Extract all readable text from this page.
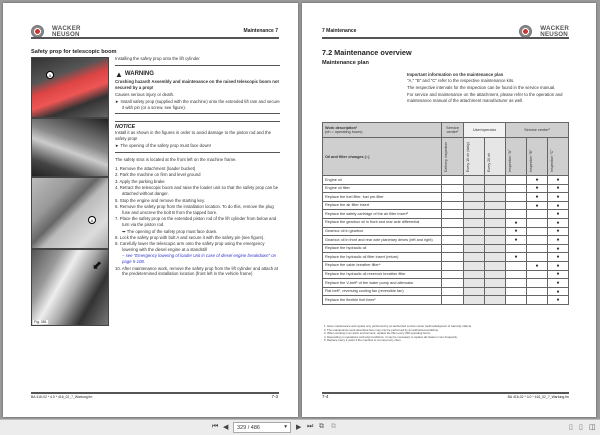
WACKER
NEUSON	Maintenance 7
Safety prop for telescopic boom
A
A
⬋
Fig. 381
Installing the safety prop onto the lift cylinder
▲ WARNING
Crushing hazard! Assembly and maintenance on the raised telescopic boom not secured by a prop!
Causes serious injury or death.
► Install safety prop (supplied with the machine) onto the extended lift ram and secure it with pin (or a screw, see figure).
NOTICE
Install it as shown in the figures in order to avoid damage to the piston rod and the safety prop!
► The opening of the safety prop must face down!
The safety strut is located at the front left on the machine frame.
1. Remove the attachment (loader bucket)
2. Park the machine on firm and level ground
3. Apply the parking brake
4. Retract the telescopic boom and raise the loader unit so that the safety prop can be attached without danger.
5. Stop the engine and remove the starting key.
6. Remove the safety prop from the installation location. To do this, remove the plug fuse and unscrew the bolt B from the tapped bore.
7. Place the safety prop on the extended piston rod of the lift cylinder from below and turn via the piston rod.
➥ The opening of the safety prop must face down.
8. Lock the safety prop with bolt A and secure it with the safety pin (see figure).
9. Carefully lower the telescopic arm onto the safety prop using the emergency lowering with the diesel engine at a standstill
– see "Emergency lowering of loader unit in case of diesel engine breakdown" on page 5-108.
10. After maintenance work, remove the safety prop from the lift cylinder and attach at the predetermined installation location (front left in the vehicle frame)
BA 416-02 * 4.0 * 416_02_7_Wartung.fm	7-3
7 Maintenance	WACKER
NEUSON
7.2 Maintenance overview
Maintenance plan
Important information on the maintenance plan
"A," "B" and "C" refer to the respective maintenance kits.
The respective intervals for the inspection can be found in the service manual.
For service and maintenance on the attachment, please refer to the operation and maintenance manual of the attachment manufacturer as well.
Work description¹
(oh = operating hours)	Service center²	User/operator		Service center²		
Oil and filter changes (⌂)	Delivery inspection	Every 10 oh (daily)	Every 20 oh	Inspection "A"	Inspection "B"	Inspection "C"

Engine oil					●	●
Engine oil filter					●	●
Replace the fuel filter, fuel pre-filter					●	●
Replace the air filter insert					●	●
Replace the safety cartridge of the air filter insert³						●
Replace the gearbox oil in front and rear axle differential				●		●
Gearbox oil in gearbox				●		●
Gearbox oil in front and rear axle planetary drives (left and right)				●		●
Replace the hydraulic oil						●
Replace the hydraulic oil filter insert (return)				●		●
Replace the cabin breather filter⁴					●	●
Replace the hydraulic oil reservoir breather filter						●
Replace the V-belt⁵ of the water pump and alternator						●
Flat belt⁶, reversing cooling fan (reversible fan)						●
Replace the flexible fuel lines⁵						●
1. Have maintenance and repairs only performed by an authorized service center (acknowledgment of warranty claims).
2. The maintenance work described here may only be performed by an authorized workshop.
3. When working in an arctic environment, replace the filter every 300 operating hours.
4. Depending on operations and local conditions, it may be necessary to replace all cleaner more frequently.
5. Replace every 3 years if the machine is not used very often.
7-4	BA 416-02 * 4.0 * 416_02_7_Wartung.fm
⏮ ◀	329 / 486	▾ ▶ ⏭ ⧉ ⧉	▯ ▯ ◫
